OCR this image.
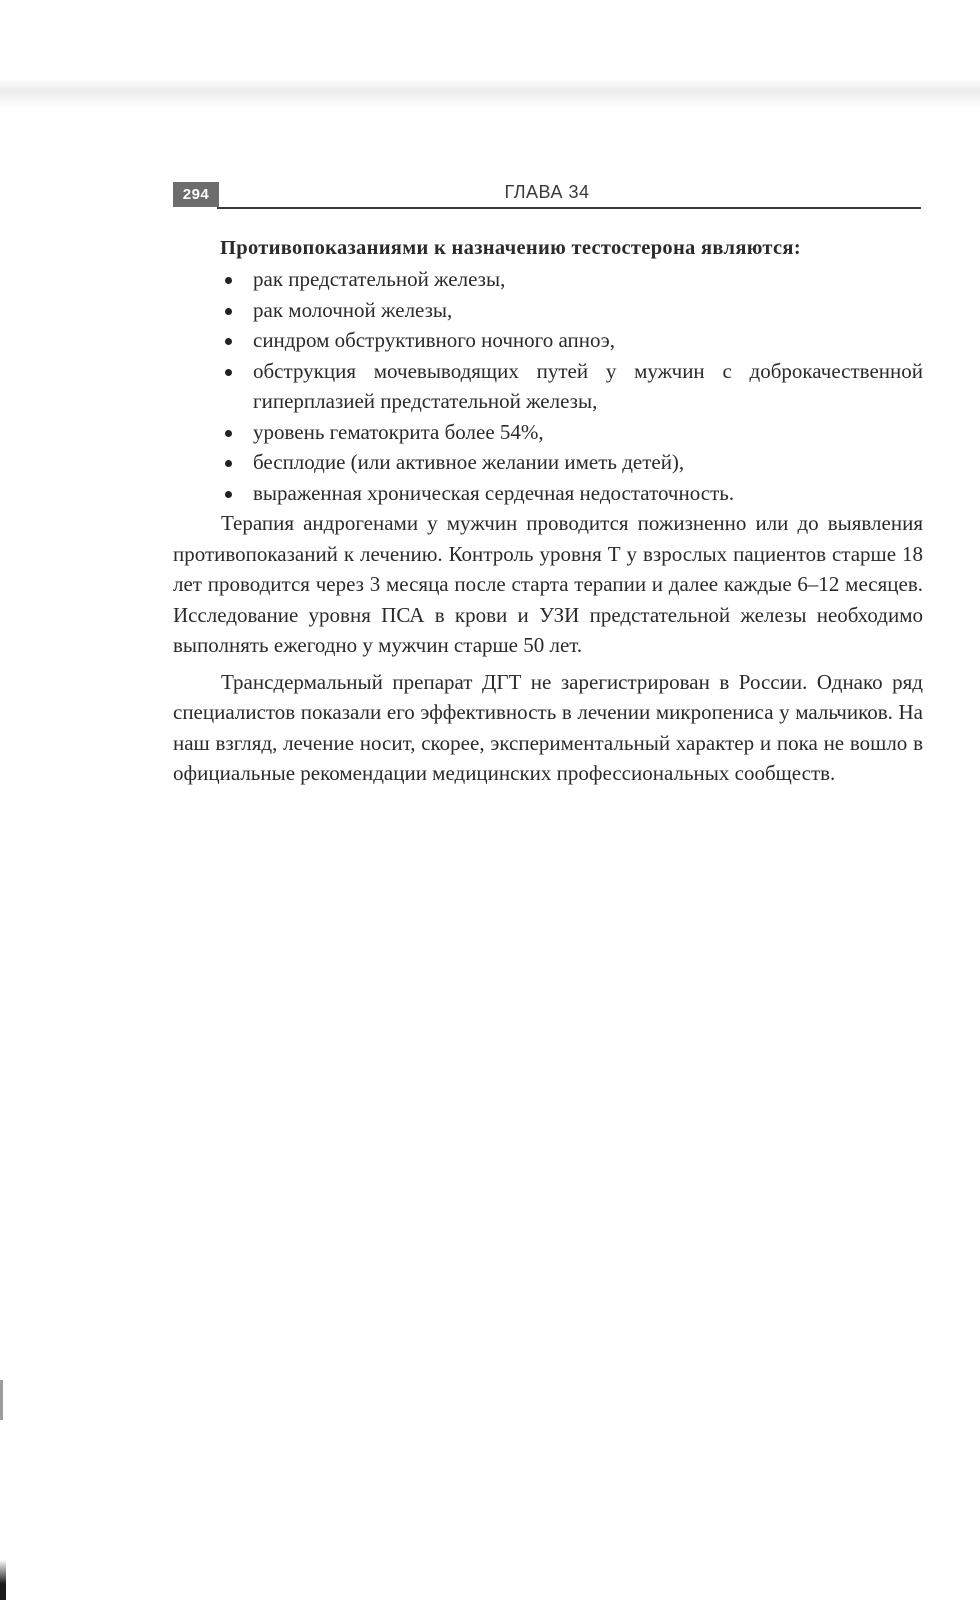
294	ГЛАВА 34

Противопоказаниями к назначению тестостерона являются:

рак предстательной железы,
рак молочной железы,
синдром обструктивного ночного апноэ,
обструкция мочевыводящих путей у мужчин с доброкачественной гиперплазией предстательной железы,
уровень гематокрита более 54%,
бесплодие (или активное желании иметь детей),
выраженная хроническая сердечная недостаточность.

Терапия андрогенами у мужчин проводится пожизненно или до выявления противопоказаний к лечению. Контроль уровня Т у взрослых пациентов старше 18 лет проводится через 3 месяца после старта терапии и далее каждые 6–12 месяцев. Исследование уровня ПСА в крови и УЗИ предстательной железы необходимо выполнять ежегодно у мужчин старше 50 лет.

Трансдермальный препарат ДГТ не зарегистрирован в России. Однако ряд специалистов показали его эффективность в лечении микропениса у мальчиков. На наш взгляд, лечение носит, скорее, экспериментальный характер и пока не вошло в официальные рекомендации медицинских профессиональных сообществ.
